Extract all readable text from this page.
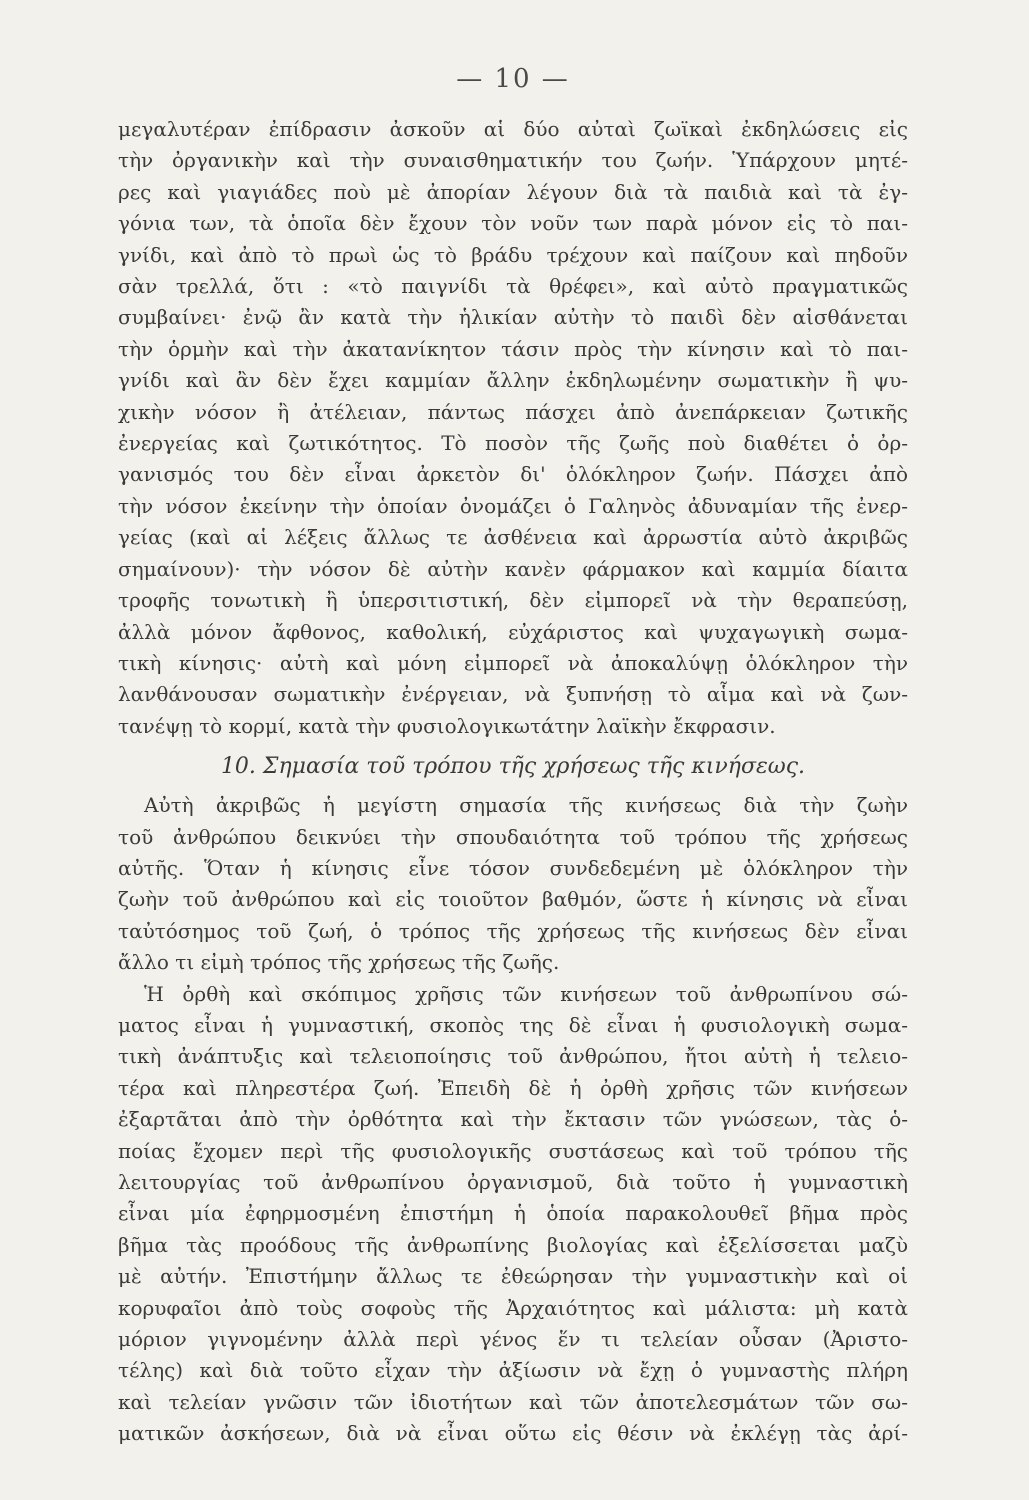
— 10 —
μεγαλυτέραν ἐπίδρασιν ἀσκοῦν αἱ δύο αὐταὶ ζωϊκαὶ ἐκδηλώσεις εἰς
τὴν ὀργανικὴν καὶ τὴν συναισθηματικήν του ζωήν. Ὑπάρχουν μητέ-
ρες καὶ γιαγιάδες ποὺ μὲ ἀπορίαν λέγουν διὰ τὰ παιδιὰ καὶ τὰ ἐγ-
γόνια των, τὰ ὁποῖα δὲν ἔχουν τὸν νοῦν των παρὰ μόνον εἰς τὸ παι-
γνίδι, καὶ ἀπὸ τὸ πρωὶ ὡς τὸ βράδυ τρέχουν καὶ παίζουν καὶ πηδοῦν
σὰν τρελλά, ὅτι : «τὸ παιγνίδι τὰ θρέφει», καὶ αὐτὸ πραγματικῶς
συμβαίνει· ἐνῷ ἂν κατὰ τὴν ἡλικίαν αὐτὴν τὸ παιδὶ δὲν αἰσθάνεται
τὴν ὁρμὴν καὶ τὴν ἀκατανίκητον τάσιν πρὸς τὴν κίνησιν καὶ τὸ παι-
γνίδι καὶ ἂν δὲν ἔχει καμμίαν ἄλλην ἐκδηλωμένην σωματικὴν ἢ ψυ-
χικὴν νόσον ἢ ἀτέλειαν, πάντως πάσχει ἀπὸ ἀνεπάρκειαν ζωτικῆς
ἐνεργείας καὶ ζωτικότητος. Τὸ ποσὸν τῆς ζωῆς ποὺ διαθέτει ὁ ὀρ-
γανισμός του δὲν εἶναι ἀρκετὸν δι' ὁλόκληρον ζωήν. Πάσχει ἀπὸ
τὴν νόσον ἐκείνην τὴν ὁποίαν ὀνομάζει ὁ Γαληνὸς ἀδυναμίαν τῆς ἐνερ-
γείας (καὶ αἱ λέξεις ἄλλως τε ἀσθένεια καὶ ἀρρωστία αὐτὸ ἀκριβῶς
σημαίνουν)· τὴν νόσον δὲ αὐτὴν κανὲν φάρμακον καὶ καμμία δίαιτα
τροφῆς τονωτικὴ ἢ ὑπερσιτιστική, δὲν εἰμπορεῖ νὰ τὴν θεραπεύσῃ,
ἀλλὰ μόνον ἄφθονος, καθολική, εὐχάριστος καὶ ψυχαγωγικὴ σωμα-
τικὴ κίνησις· αὐτὴ καὶ μόνη εἰμπορεῖ νὰ ἀποκαλύψῃ ὁλόκληρον τὴν
λανθάνουσαν σωματικὴν ἐνέργειαν, νὰ ξυπνήσῃ τὸ αἷμα καὶ νὰ ζων-
τανέψῃ τὸ κορμί, κατὰ τὴν φυσιολογικωτάτην λαϊκὴν ἔκφρασιν.
10. Σημασία τοῦ τρόπου τῆς χρήσεως τῆς κινήσεως.
Αὐτὴ ἀκριβῶς ἡ μεγίστη σημασία τῆς κινήσεως διὰ τὴν ζωὴν
τοῦ ἀνθρώπου δεικνύει τὴν σπουδαιότητα τοῦ τρόπου τῆς χρήσεως
αὐτῆς. Ὅταν ἡ κίνησις εἶνε τόσον συνδεδεμένη μὲ ὁλόκληρον τὴν
ζωὴν τοῦ ἀνθρώπου καὶ εἰς τοιοῦτον βαθμόν, ὥστε ἡ κίνησις νὰ εἶναι
ταὐτόσημος τοῦ ζωή, ὁ τρόπος τῆς χρήσεως τῆς κινήσεως δὲν εἶναι
ἄλλο τι εἰμὴ τρόπος τῆς χρήσεως τῆς ζωῆς.
Ἡ ὀρθὴ καὶ σκόπιμος χρῆσις τῶν κινήσεων τοῦ ἀνθρωπίνου σώ-
ματος εἶναι ἡ γυμναστική, σκοπὸς της δὲ εἶναι ἡ φυσιολογικὴ σωμα-
τικὴ ἀνάπτυξις καὶ τελειοποίησις τοῦ ἀνθρώπου, ἤτοι αὐτὴ ἡ τελειο-
τέρα καὶ πληρεστέρα ζωή. Ἐπειδὴ δὲ ἡ ὀρθὴ χρῆσις τῶν κινήσεων
ἐξαρτᾶται ἀπὸ τὴν ὀρθότητα καὶ τὴν ἔκτασιν τῶν γνώσεων, τὰς ὁ-
ποίας ἔχομεν περὶ τῆς φυσιολογικῆς συστάσεως καὶ τοῦ τρόπου τῆς
λειτουργίας τοῦ ἀνθρωπίνου ὀργανισμοῦ, διὰ τοῦτο ἡ γυμναστικὴ
εἶναι μία ἐφηρμοσμένη ἐπιστήμη ἡ ὁποία παρακολουθεῖ βῆμα πρὸς
βῆμα τὰς προόδους τῆς ἀνθρωπίνης βιολογίας καὶ ἐξελίσσεται μαζὺ
μὲ αὐτήν. Ἐπιστήμην ἄλλως τε ἐθεώρησαν τὴν γυμναστικὴν καὶ οἱ
κορυφαῖοι ἀπὸ τοὺς σοφοὺς τῆς Ἀρχαιότητος καὶ μάλιστα: μὴ κατὰ
μόριον γιγνομένην ἀλλὰ περὶ γένος ἕν τι τελείαν οὖσαν (Ἀριστο-
τέλης) καὶ διὰ τοῦτο εἶχαν τὴν ἀξίωσιν νὰ ἔχῃ ὁ γυμναστὴς πλήρη
καὶ τελείαν γνῶσιν τῶν ἰδιοτήτων καὶ τῶν ἀποτελεσμάτων τῶν σω-
ματικῶν ἀσκήσεων, διὰ νὰ εἶναι οὕτω εἰς θέσιν νὰ ἐκλέγῃ τὰς ἀρί-
